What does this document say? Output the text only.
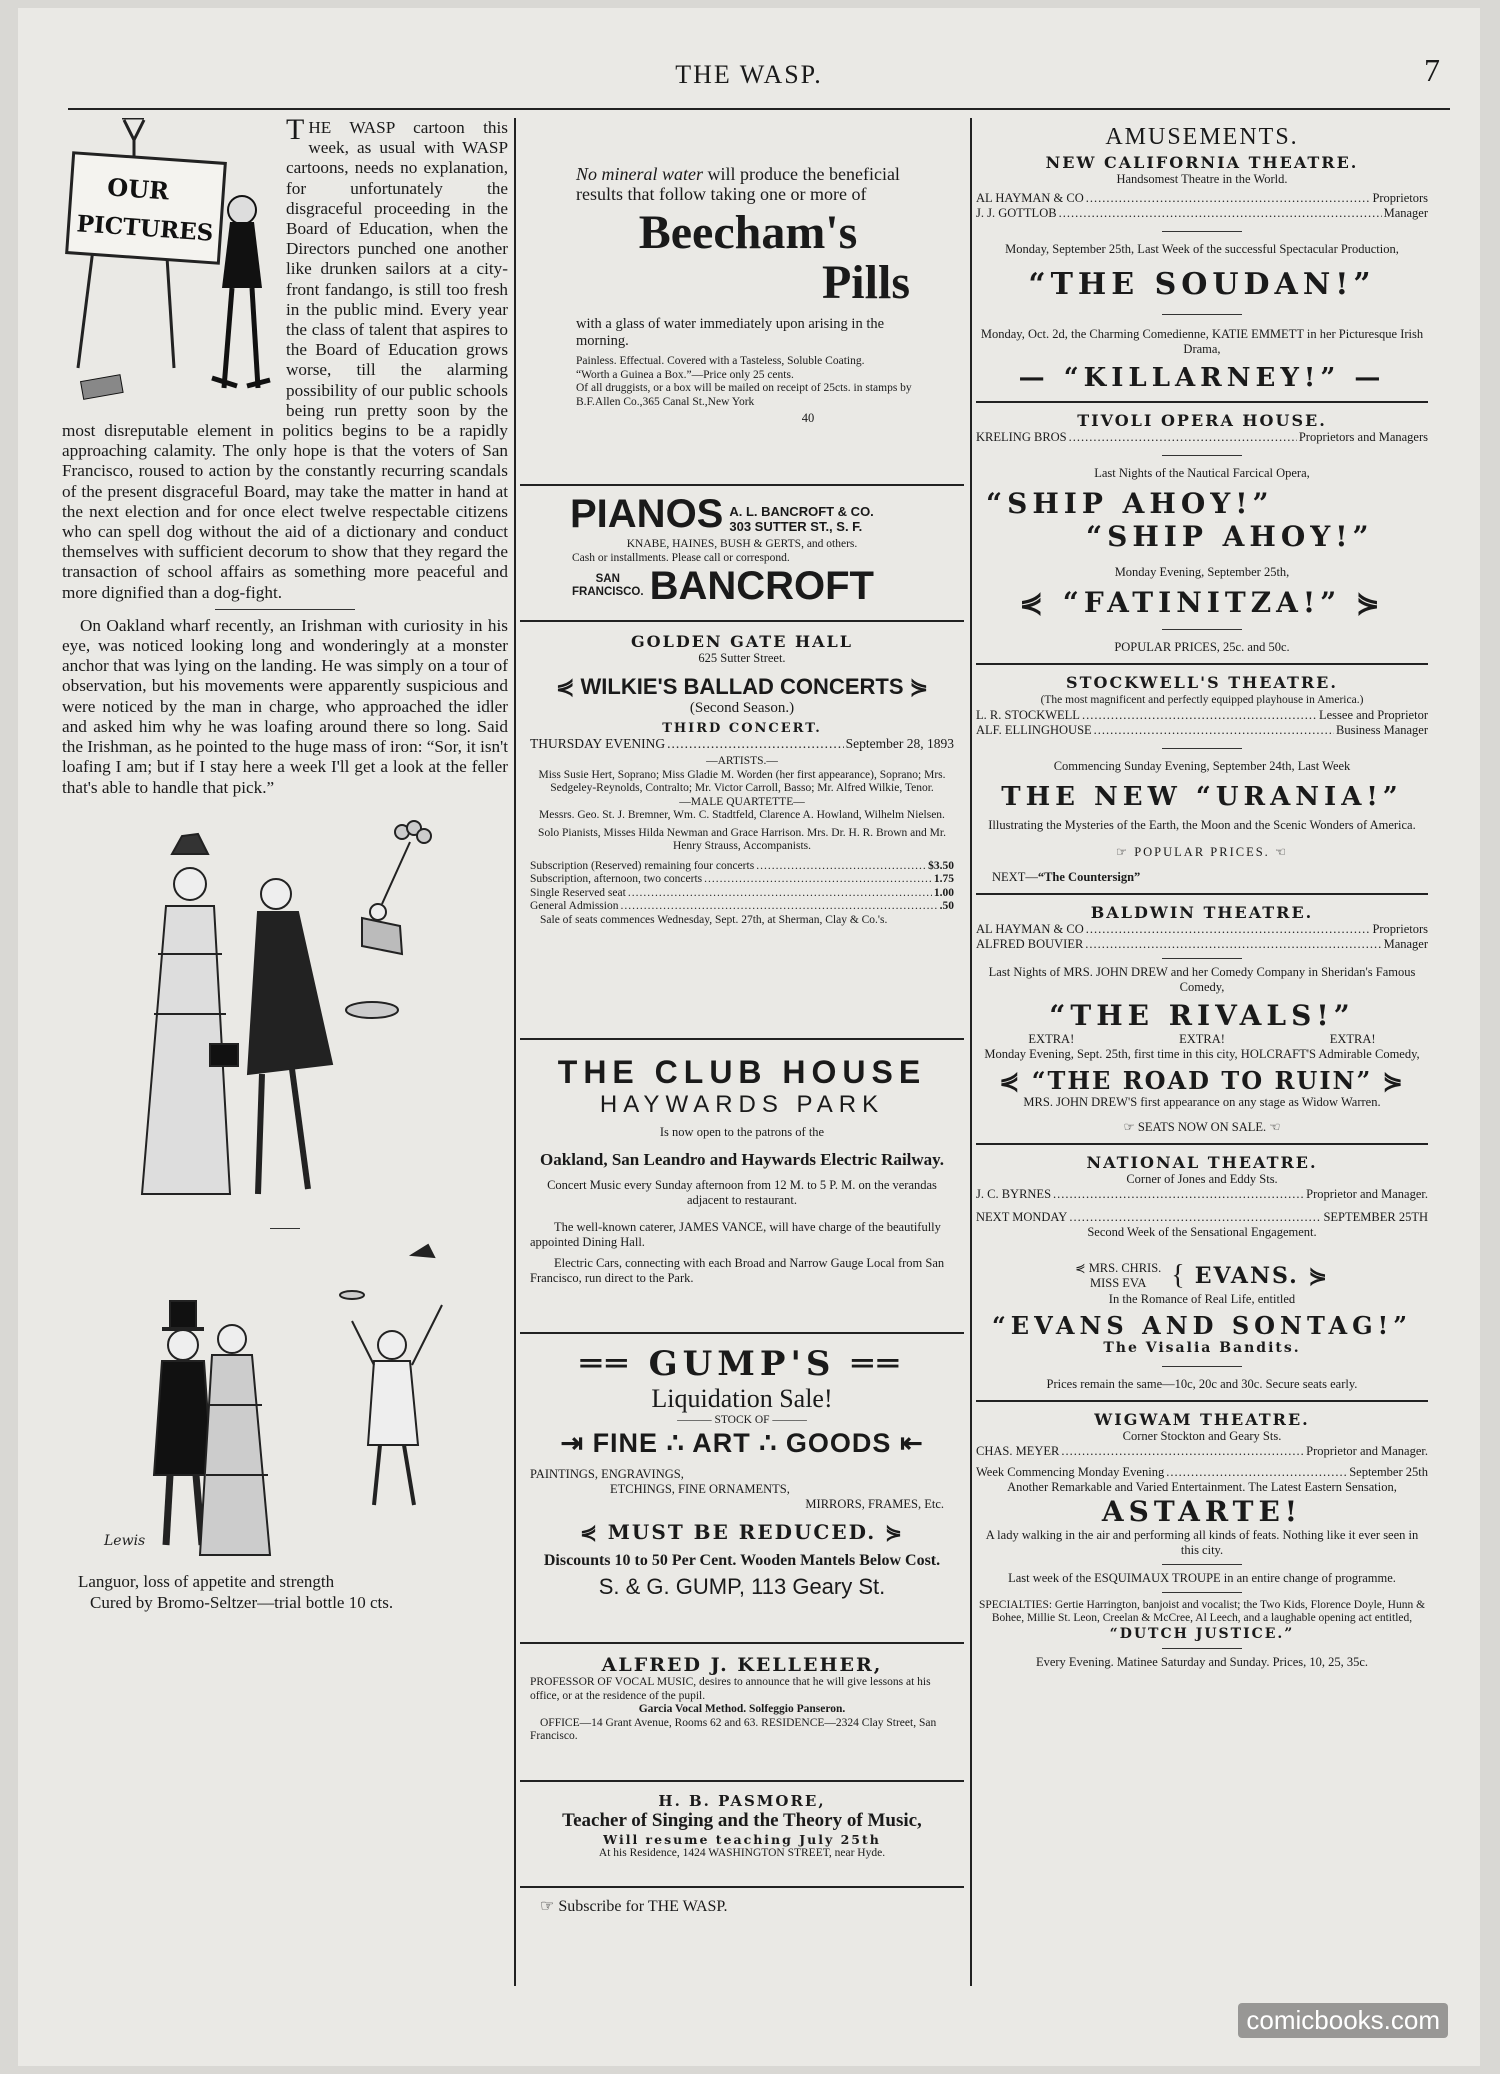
THE WASP.	7
OUR
PICTURES

T HE WASP cartoon this week, as usual with WASP cartoons, needs no explanation, for unfortunately the disgraceful proceeding in the Board of Education, when the Directors punched one another like drunken sailors at a city-front fandango, is still too fresh in the public mind. Every year the class of talent that aspires to the Board of Education grows worse, till the alarming possibility of our public schools being run pretty soon by the most disreputable element in politics begins to be a rapidly approaching calamity. The only hope is that the voters of San Francisco, roused to action by the constantly recurring scandals of the present disgraceful Board, may take the matter in hand at the next election and for once elect twelve respectable citizens who can spell dog without the aid of a dictionary and conduct themselves with sufficient decorum to show that they regard the transaction of school affairs as something more peaceful and more dignified than a dog-fight.

On Oakland wharf recently, an Irishman with curiosity in his eye, was noticed looking long and wonderingly at a monster anchor that was lying on the landing. He was simply on a tour of observation, but his movements were apparently suspicious and were noticed by the man in charge, who approached the idler and asked him why he was loafing around there so long. Said the Irishman, as he pointed to the huge mass of iron: “Sor, it isn't loafing I am; but if I stay here a week I'll get a look at the feller that's able to handle that pick.”

Lewis
Languor, loss of appetite and strength
Cured by Bromo-Seltzer—trial bottle 10 cts.

No mineral water will produce the beneficial results that follow taking one or more of

Beecham's
Pills

with a glass of water immediately upon arising in the morning.

Painless. Effectual. Covered with a Tasteless, Soluble Coating.

“Worth a Guinea a Box.”—Price only 25 cents.

Of all druggists, or a box will be mailed on receipt of 25cts. in stamps by B.F.Allen Co.,365 Canal St.,New York

40
PIANOS A. L. BANCROFT & CO.
303 SUTTER ST., S. F.
KNABE, HAINES, BUSH & GERTS, and others.
Cash or installments. Please call or correspond.
SAN
FRANCISCO. BANCROFT
GOLDEN GATE HALL
625 Sutter Street.
⋞ WILKIE'S BALLAD CONCERTS ⋟
(Second Season.)
THIRD CONCERT.
THURSDAY EVENING .....	September 28, 1893
—ARTISTS.—

Miss Susie Hert, Soprano; Miss Gladie M. Worden (her first appearance), Soprano; Mrs. Sedgeley-Reynolds, Contralto; Mr. Victor Carroll, Basso; Mr. Alfred Wilkie, Tenor.

—MALE QUARTETTE—

Messrs. Geo. St. J. Bremner, Wm. C. Stadtfeld, Clarence A. Howland, Wilhelm Nielsen.

Solo Pianists, Misses Hilda Newman and Grace Harrison. Mrs. Dr. H. R. Brown and Mr. Henry Strauss, Accompanists.

Subscription (Reserved) remaining four concerts .....	$3.50
Subscription, afternoon, two concerts .....	1.75
Single Reserved seat .....	1.00
General Admission .....	.50

Sale of seats commences Wednesday, Sept. 27th, at Sherman, Clay & Co.'s.

THE CLUB HOUSE
HAYWARDS PARK
Is now open to the patrons of the
Oakland, San Leandro and Haywards Electric Railway.

Concert Music every Sunday afternoon from 12 M. to 5 P. M. on the verandas adjacent to restaurant.

The well-known caterer, JAMES VANCE, will have charge of the beautifully appointed Dining Hall.

Electric Cars, connecting with each Broad and Narrow Gauge Local from San Francisco, run direct to the Park.

══ GUMP'S ══
Liquidation Sale!
——— STOCK OF ———
⇥ FINE ∴ ART ∴ GOODS ⇤
PAINTINGS, ENGRAVINGS,
ETCHINGS, FINE ORNAMENTS,
MIRRORS, FRAMES, Etc.
⋞ MUST BE REDUCED. ⋟
Discounts 10 to 50 Per Cent. Wooden Mantels Below Cost.
S. & G. GUMP, 113 Geary St.
ALFRED J. KELLEHER,

PROFESSOR OF VOCAL MUSIC, desires to announce that he will give lessons at his office, or at the residence of the pupil.

Garcia Vocal Method. Solfeggio Panseron.

OFFICE—14 Grant Avenue, Rooms 62 and 63. RESIDENCE—2324 Clay Street, San Francisco.

H. B. PASMORE,
Teacher of Singing and the Theory of Music,
Will resume teaching July 25th
At his Residence, 1424 WASHINGTON STREET, near Hyde.
☞ Subscribe for THE WASP.
AMUSEMENTS.
NEW CALIFORNIA THEATRE.
Handsomest Theatre in the World.
AL HAYMAN & CO .....	Proprietors
J. J. GOTTLOB .....	Manager

Monday, September 25th, Last Week of the successful Spectacular Production,

“THE SOUDAN!”

Monday, Oct. 2d, the Charming Comedienne, KATIE EMMETT in her Picturesque Irish Drama,

— “KILLARNEY!” —
TIVOLI OPERA HOUSE.
KRELING BROS .....	Proprietors and Managers
Last Nights of the Nautical Farcical Opera,
“SHIP AHOY!”
“SHIP AHOY!”
Monday Evening, September 25th,
⋞ “FATINITZA!” ⋟
POPULAR PRICES, 25c. and 50c.
STOCKWELL'S THEATRE.

(The most magnificent and perfectly equipped playhouse in America.)

L. R. STOCKWELL .....	Lessee and Proprietor
ALF. ELLINGHOUSE .....	Business Manager
Commencing Sunday Evening, September 24th, Last Week
THE NEW “URANIA!”

Illustrating the Mysteries of the Earth, the Moon and the Scenic Wonders of America.

☞ POPULAR PRICES. ☜
NEXT—“The Countersign”
BALDWIN THEATRE.
AL HAYMAN & CO .....	Proprietors
ALFRED BOUVIER .....	Manager

Last Nights of MRS. JOHN DREW and her Comedy Company in Sheridan's Famous Comedy,

“THE RIVALS!”
EXTRA!	EXTRA!	EXTRA!

Monday Evening, Sept. 25th, first time in this city, HOLCRAFT'S Admirable Comedy,

⋞ “THE ROAD TO RUIN” ⋟

MRS. JOHN DREW'S first appearance on any stage as Widow Warren.

☞ SEATS NOW ON SALE. ☜
NATIONAL THEATRE.
Corner of Jones and Eddy Sts.
J. C. BYRNES .....	Proprietor and Manager.
NEXT MONDAY .....	SEPTEMBER 25TH
Second Week of the Sensational Engagement.
⋞ MRS. CHRIS.
MISS EVA { EVANS. ⋟
In the Romance of Real Life, entitled
“EVANS AND SONTAG!”
The Visalia Bandits.
Prices remain the same—10c, 20c and 30c. Secure seats early.
WIGWAM THEATRE.
Corner Stockton and Geary Sts.
CHAS. MEYER .....	Proprietor and Manager.
Week Commencing Monday Evening .....	September 25th

Another Remarkable and Varied Entertainment. The Latest Eastern Sensation,

ASTARTE!

A lady walking in the air and performing all kinds of feats. Nothing like it ever seen in this city.

Last week of the ESQUIMAUX TROUPE in an entire change of programme.

SPECIALTIES: Gertie Harrington, banjoist and vocalist; the Two Kids, Florence Doyle, Hunn & Bohee, Millie St. Leon, Creelan & McCree, Al Leech, and a laughable opening act entitled,

“DUTCH JUSTICE.”
Every Evening. Matinee Saturday and Sunday. Prices, 10, 25, 35c.
comicbooks.com
